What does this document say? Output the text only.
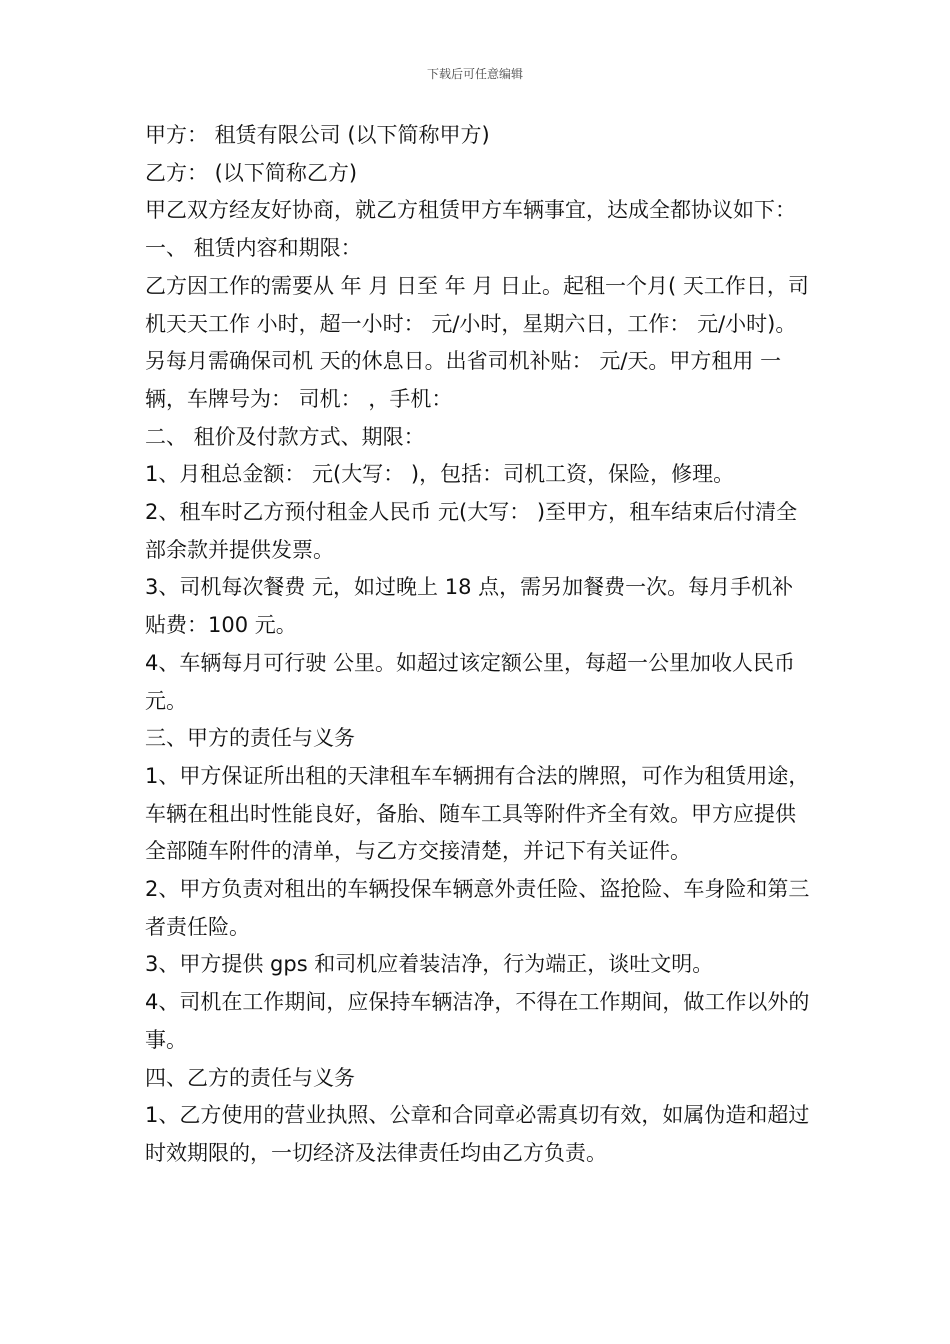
下载后可任意编辑

甲方： 租赁有限公司 (以下简称甲方)

乙方： (以下简称乙方)

甲乙双方经友好协商，就乙方租赁甲方车辆事宜，达成全都协议如下：

一、 租赁内容和期限：

乙方因工作的需要从 年 月 日至 年 月 日止。起租一个月( 天工作日，司机天天工作 小时，超一小时： 元/小时，星期六日，工作： 元/小时)。另每月需确保司机 天的休息日。出省司机补贴： 元/天。甲方租用 一辆，车牌号为： 司机： ，手机：

二、 租价及付款方式、期限：

1、月租总金额： 元(大写： )，包括：司机工资，保险，修理。

2、租车时乙方预付租金人民币 元(大写： )至甲方，租车结束后付清全部余款并提供发票。

3、司机每次餐费 元，如过晚上 18 点，需另加餐费一次。每月手机补贴费：100 元。

4、车辆每月可行驶 公里。如超过该定额公里，每超一公里加收人民币 元。

三、甲方的责任与义务

1、甲方保证所出租的天津租车车辆拥有合法的牌照，可作为租赁用途，车辆在租出时性能良好，备胎、随车工具等附件齐全有效。甲方应提供全部随车附件的清单，与乙方交接清楚，并记下有关证件。

2、甲方负责对租出的车辆投保车辆意外责任险、盗抢险、车身险和第三者责任险。

3、甲方提供 gps 和司机应着装洁净，行为端正，谈吐文明。

4、司机在工作期间，应保持车辆洁净，不得在工作期间，做工作以外的事。

四、乙方的责任与义务

1、乙方使用的营业执照、公章和合同章必需真切有效，如属伪造和超过时效期限的，一切经济及法律责任均由乙方负责。
